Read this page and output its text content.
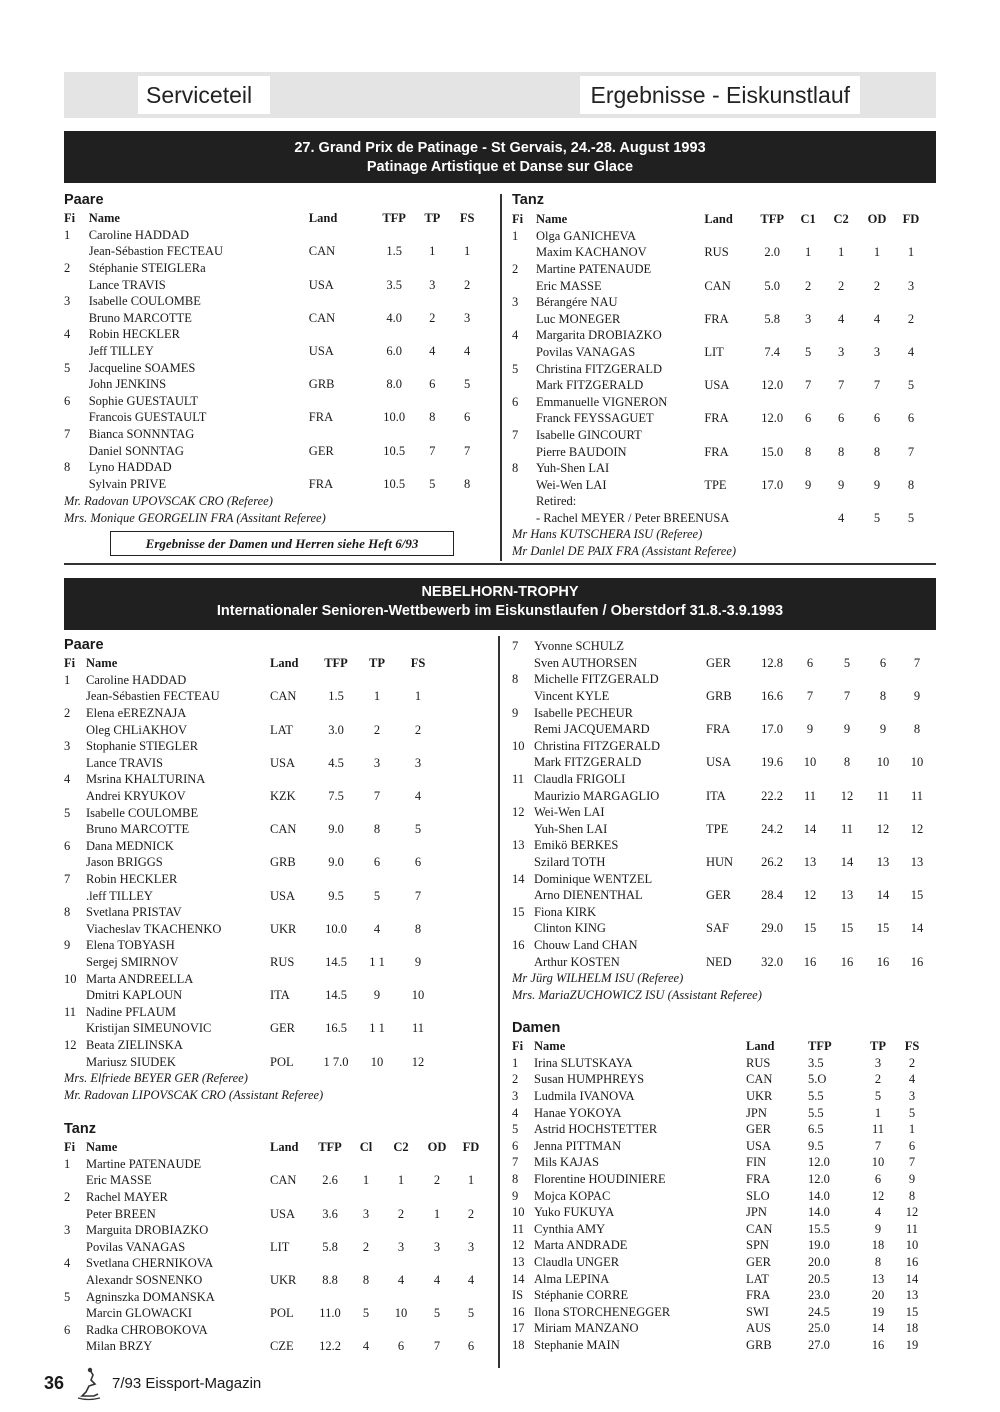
Serviceteil	Ergebnisse - Eiskunstlauf
27. Grand Prix de Patinage - St Gervais, 24.-28. August 1993
Patinage Artistique et Danse sur Glace
Paare
Fi	Name	Land	TFP	TP	FS
1	Caroline HADDAD				
	Jean-Sébastion FECTEAU	CAN	1.5	1	1
2	Stéphanie STEIGLERa				
	Lance TRAVIS	USA	3.5	3	2
3	Isabelle COULOMBE				
	Bruno MARCOTTE	CAN	4.0	2	3
4	Robin HECKLER				
	Jeff TILLEY	USA	6.0	4	4
5	Jacqueline SOAMES				
	John JENKINS	GRB	8.0	6	5
6	Sophie GUESTAULT				
	Francois GUESTAULT	FRA	10.0	8	6
7	Bianca SONNNTAG				
	Daniel SONNTAG	GER	10.5	7	7
8	Lyno HADDAD				
	Sylvain PRIVE	FRA	10.5	5	8
Mr. Radovan UPOVSCAK CRO (Referee)
Mrs. Monique GEORGELIN FRA (Assitant Referee)
Ergebnisse der Damen und Herren siehe Heft 6/93
Tanz
Fi	Name	Land	TFP	C1	C2	OD	FD
1	Olga GANICHEVA						
	Maxim KACHANOV	RUS	2.0	1	1	1	1
2	Martine PATENAUDE						
	Eric MASSE	CAN	5.0	2	2	2	3
3	Bérangére NAU						
	Luc MONEGER	FRA	5.8	3	4	4	2
4	Margarita DROBIAZKO						
	Povilas VANAGAS	LIT	7.4	5	3	3	4
5	Christina FITZGERALD						
	Mark FITZGERALD	USA	12.0	7	7	7	5
6	Emmanuelle VIGNERON						
	Franck FEYSSAGUET	FRA	12.0	6	6	6	6
7	Isabelle GINCOURT						
	Pierre BAUDOIN	FRA	15.0	8	8	8	7
8	Yuh-Shen LAI						
	Wei-Wen LAI	TPE	17.0	9	9	9	8
	Retired:						
	- Rachel MEYER / Peter BREEN	USA			4	5	5
Mr Hans KUTSCHERA ISU (Referee)
Mr Danlel DE PAIX FRA (Assistant Referee)
NEBELHORN-TROPHY
Internationaler Senioren-Wettbewerb im Eiskunstlaufen / Oberstdorf 31.8.-3.9.1993
Paare
Fi	Name	Land	TFP	TP	FS
1	Caroline HADDAD				
	Jean-Sébastien FECTEAU	CAN	1.5	1	1
2	Elena eEREZNAJA				
	Oleg CHLiAKHOV	LAT	3.0	2	2
3	Stophanie STIEGLER				
	Lance TRAVIS	USA	4.5	3	3
4	Msrina KHALTURINA				
	Andrei KRYUKOV	KZK	7.5	7	4
5	Isabelle COULOMBE				
	Bruno MARCOTTE	CAN	9.0	8	5
6	Dana MEDNICK				
	Jason BRIGGS	GRB	9.0	6	6
7	Robin HECKLER				
	.leff TILLEY	USA	9.5	5	7
8	Svetlana PRISTAV				
	Viacheslav TKACHENKO	UKR	10.0	4	8
9	Elena TOBYASH				
	Sergej SMIRNOV	RUS	14.5	1 1	9
10	Marta ANDREELLA				
	Dmitri KAPLOUN	ITA	14.5	9	10
11	Nadine PFLAUM				
	Kristijan SIMEUNOVIC	GER	16.5	1 1	11
12	Beata ZIELINSKA				
	Mariusz SIUDEK	POL	1 7.0	10	12
Mrs. Elfriede BEYER GER (Referee)
Mr. Radovan LIPOVSCAK CRO (Assistant Referee)
Tanz
Fi	Name	Land	TFP	Cl	C2	OD	FD
1	Martine PATENAUDE						
	Eric MASSE	CAN	2.6	1	1	2	1
2	Rachel MAYER						
	Peter BREEN	USA	3.6	3	2	1	2
3	Marguita DROBIAZKO						
	Povilas VANAGAS	LIT	5.8	2	3	3	3
4	Svetlana CHERNIKOVA						
	Alexandr SOSNENKO	UKR	8.8	8	4	4	4
5	Agninszka DOMANSKA						
	Marcin GLOWACKI	POL	11.0	5	10	5	5
6	Radka CHROBOKOVA						
	Milan BRZY	CZE	12.2	4	6	7	6
7	Yvonne SCHULZ						
	Sven AUTHORSEN	GER	12.8	6	5	6	7
8	Michelle FITZGERALD						
	Vincent KYLE	GRB	16.6	7	7	8	9
9	Isabelle PECHEUR						
	Remi JACQUEMARD	FRA	17.0	9	9	9	8
10	Christina FITZGERALD						
	Mark FITZGERALD	USA	19.6	10	8	10	10
11	Claudla FRIGOLI						
	Maurizio MARGAGLIO	ITA	22.2	11	12	11	11
12	Wei-Wen LAI						
	Yuh-Shen LAI	TPE	24.2	14	11	12	12
13	Emikö BERKES						
	Szilard TOTH	HUN	26.2	13	14	13	13
14	Dominique WENTZEL						
	Arno DIENENTHAL	GER	28.4	12	13	14	15
15	Fiona KIRK						
	Clinton KING	SAF	29.0	15	15	15	14
16	Chouw Land CHAN						
	Arthur KOSTEN	NED	32.0	16	16	16	16
Mr Jürg WILHELM ISU (Referee)
Mrs. MariaZUCHOWICZ ISU (Assistant Referee)
Damen
Fi	Name	Land	TFP	TP	FS
1	Irina SLUTSKAYA	RUS	3.5	3	2
2	Susan HUMPHREYS	CAN	5.O	2	4
3	Ludmila IVANOVA	UKR	5.5	5	3
4	Hanae YOKOYA	JPN	5.5	1	5
5	Astrid HOCHSTETTER	GER	6.5	11	1
6	Jenna PITTMAN	USA	9.5	7	6
7	Mils KAJAS	FIN	12.0	10	7
8	Florentine HOUDINIERE	FRA	12.0	6	9
9	Mojca KOPAC	SLO	14.0	12	8
10	Yuko FUKUYA	JPN	14.0	4	12
11	Cynthia AMY	CAN	15.5	9	11
12	Marta ANDRADE	SPN	19.0	18	10
13	Claudla UNGER	GER	20.0	8	16
14	Alma LEPINA	LAT	20.5	13	14
IS	Stéphanie CORRE	FRA	23.0	20	13
16	Ilona STORCHENEGGER	SWI	24.5	19	15
17	Miriam MANZANO	AUS	25.0	14	18
18	Stephanie MAIN	GRB	27.0	16	19
36	7/93 Eissport-Magazin
